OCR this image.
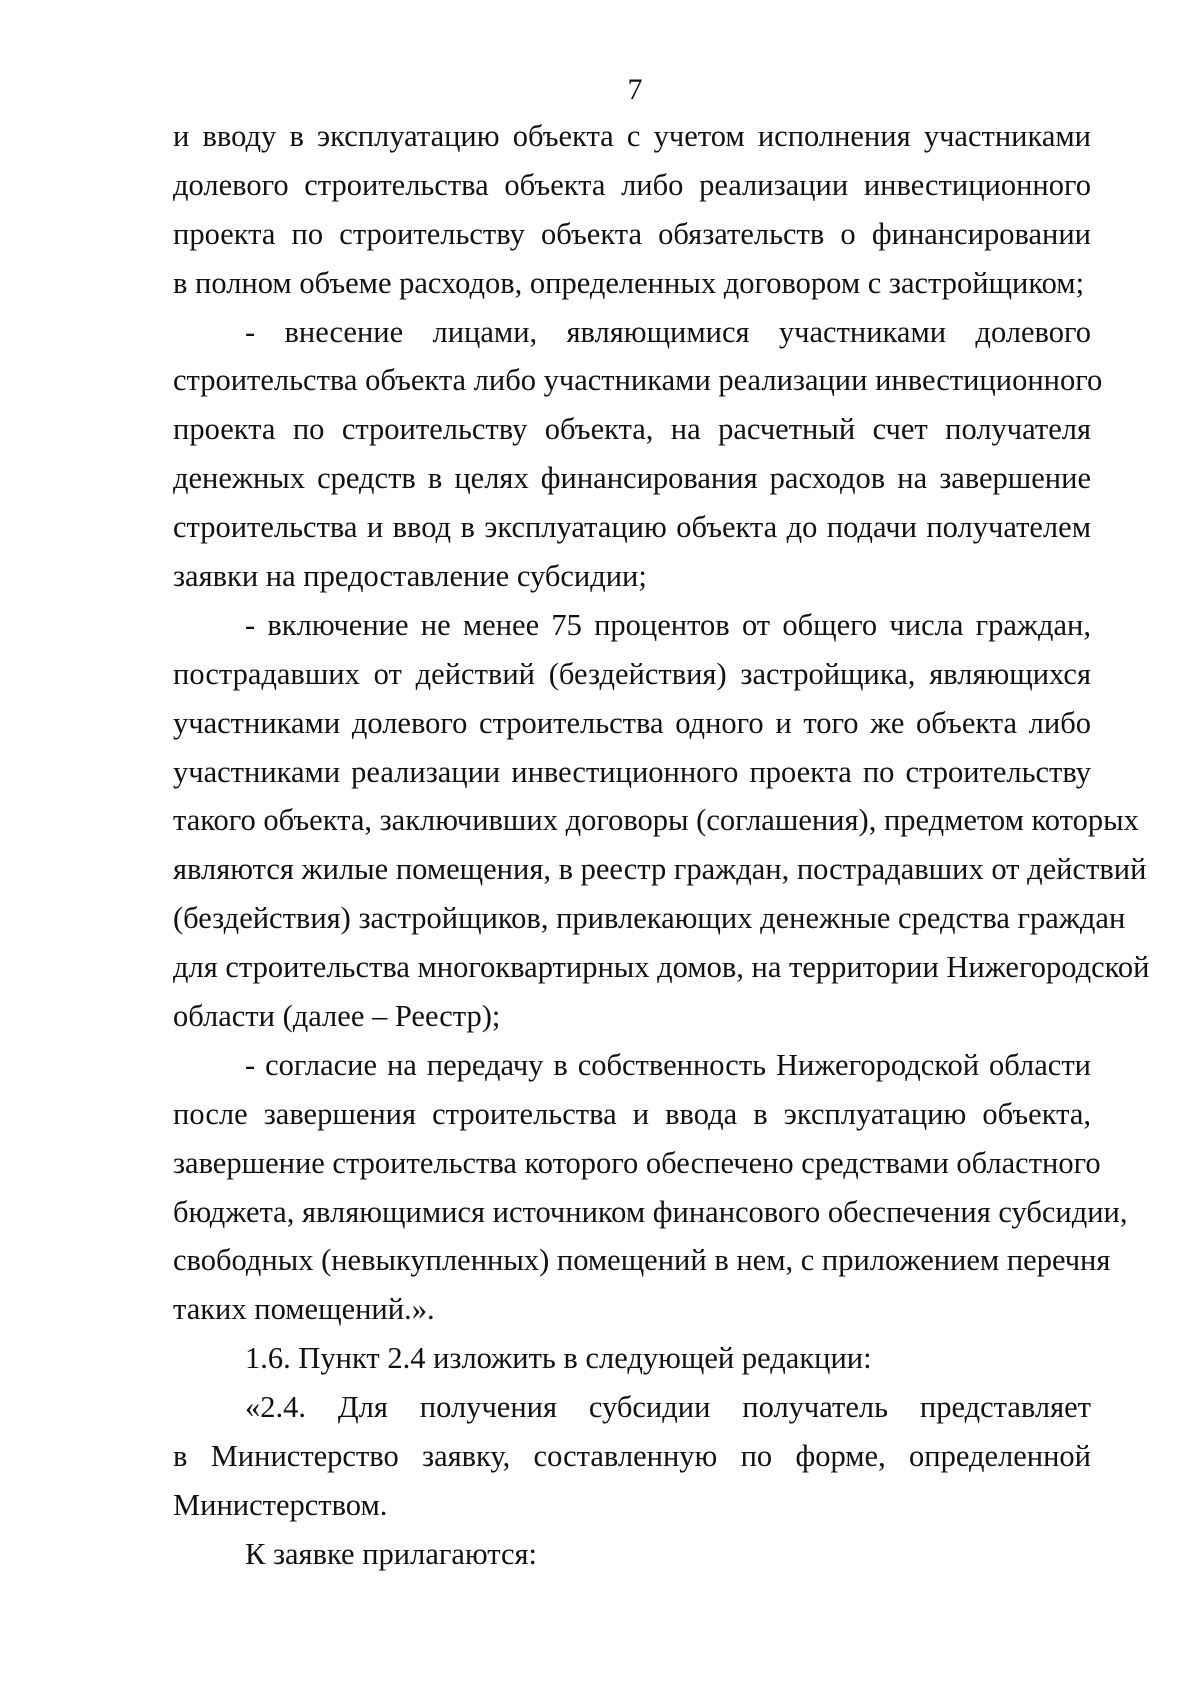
7
и вводу в эксплуатацию объекта с учетом исполнения участниками
долевого строительства объекта либо реализации инвестиционного
проекта по строительству объекта обязательств о финансировании
в полном объеме расходов, определенных договором с застройщиком;
- внесение лицами, являющимися участниками долевого
строительства объекта либо участниками реализации инвестиционного
проекта по строительству объекта, на расчетный счет получателя
денежных средств в целях финансирования расходов на завершение
строительства и ввод в эксплуатацию объекта до подачи получателем
заявки на предоставление субсидии;
- включение не менее 75 процентов от общего числа граждан,
пострадавших от действий (бездействия) застройщика, являющихся
участниками долевого строительства одного и того же объекта либо
участниками реализации инвестиционного проекта по строительству
такого объекта, заключивших договоры (соглашения), предметом которых
являются жилые помещения, в реестр граждан, пострадавших от действий
(бездействия) застройщиков, привлекающих денежные средства граждан
для строительства многоквартирных домов, на территории Нижегородской
области (далее – Реестр);
- согласие на передачу в собственность Нижегородской области
после завершения строительства и ввода в эксплуатацию объекта,
завершение строительства которого обеспечено средствами областного
бюджета, являющимися источником финансового обеспечения субсидии,
свободных (невыкупленных) помещений в нем, с приложением перечня
таких помещений.».
1.6. Пункт 2.4 изложить в следующей редакции:
«2.4. Для получения субсидии получатель представляет
в Министерство заявку, составленную по форме, определенной
Министерством.
К заявке прилагаются:
